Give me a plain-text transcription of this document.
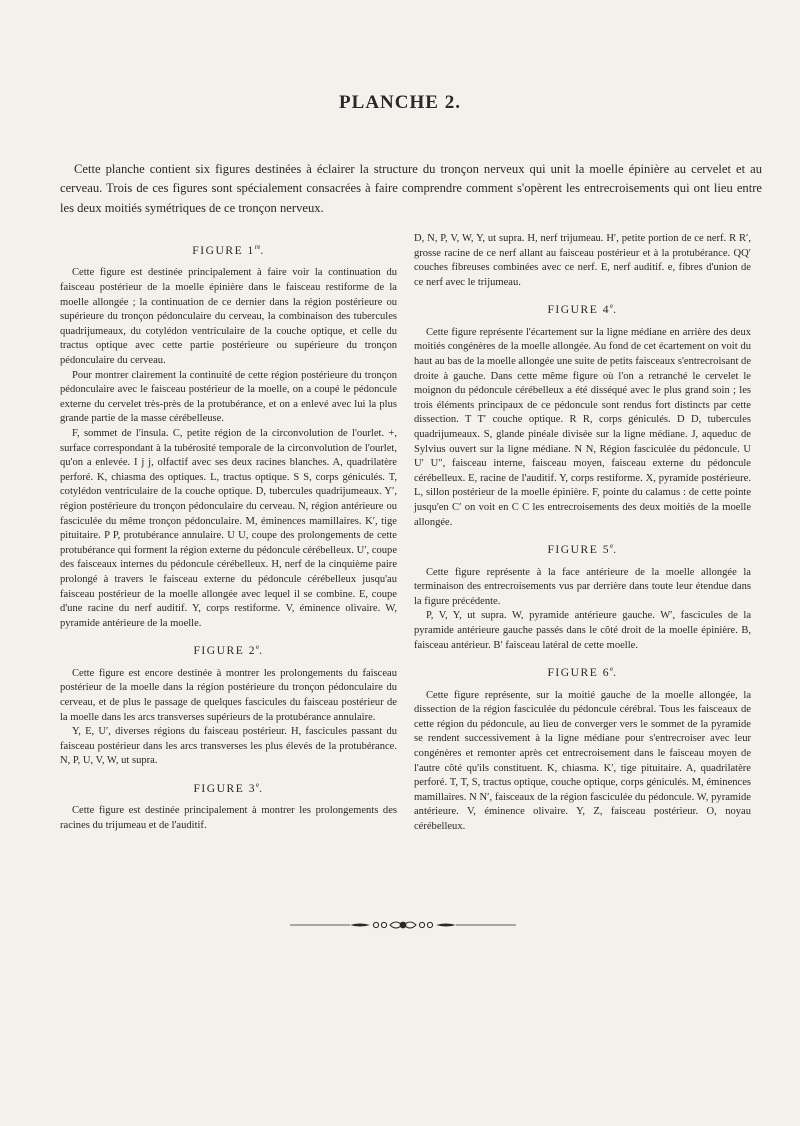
PLANCHE 2.

Cette planche contient six figures destinées à éclairer la structure du tronçon nerveux qui unit la moelle épinière au cervelet et au cerveau. Trois de ces figures sont spécialement consacrées à faire comprendre comment s'opèrent les entrecroisements qui ont lieu entre les deux moitiés symétriques de ce tronçon nerveux.

FIGURE 1re.

Cette figure est destinée principalement à faire voir la continuation du faisceau postérieur de la moelle épinière dans le faisceau restiforme de la moelle allongée ; la continuation de ce dernier dans la région postérieure ou supérieure du tronçon pédonculaire du cerveau, la combinaison des tubercules quadrijumeaux, du cotylédon ventriculaire de la couche optique, et celle du tractus optique avec cette partie postérieure ou supérieure du tronçon pédonculaire du cerveau.

Pour montrer clairement la continuité de cette région postérieure du tronçon pédonculaire avec le faisceau postérieur de la moelle, on a coupé le pédoncule externe du cervelet très-près de la protubérance, et on a enlevé avec lui la plus grande partie de la masse cérébelleuse.

F, sommet de l'insula. C, petite région de la circonvolution de l'ourlet. +, surface correspondant à la tubérosité temporale de la circonvolution de l'ourlet, qu'on a enlevée. I j j, olfactif avec ses deux racines blanches. A, quadrilatère perforé. K, chiasma des optiques. L, tractus optique. S S, corps géniculés. T, cotylédon ventriculaire de la couche optique. D, tubercules quadrijumeaux. Y′, région postérieure du tronçon pédonculaire du cerveau. N, région antérieure ou fasciculée du même tronçon pédonculaire. M, éminences mamillaires. K′, tige pituitaire. P P, protubérance annulaire. U U, coupe des prolongements de cette protubérance qui forment la région externe du pédoncule cérébelleux. U′, coupe des faisceaux internes du pédoncule cérébelleux. H, nerf de la cinquième paire prolongé à travers le faisceau externe du pédoncule cérébelleux jusqu'au faisceau postérieur de la moelle allongée avec lequel il se combine. E, coupe d'une racine du nerf auditif. Y, corps restiforme. V, éminence olivaire. W, pyramide antérieure de la moelle.

FIGURE 2e.

Cette figure est encore destinée à montrer les prolongements du faisceau postérieur de la moelle dans la région postérieure du tronçon pédonculaire du cerveau, et de plus le passage de quelques fascicules du faisceau postérieur de la moelle dans les arcs transverses supérieurs de la protubérance annulaire.

Y, E, U′, diverses régions du faisceau postérieur. H, fascicules passant du faisceau postérieur dans les arcs transverses les plus élevés de la protubérance. N, P, U, V, W, ut supra.

FIGURE 3e.

Cette figure est destinée principalement à montrer les prolongements des racines du trijumeau et de l'auditif.

D, N, P, V, W, Y, ut supra. H, nerf trijumeau. H′, petite portion de ce nerf. R R′, grosse racine de ce nerf allant au faisceau postérieur et à la protubérance. QQ′ couches fibreuses combinées avec ce nerf. E, nerf auditif. e, fibres d'union de ce nerf avec le trijumeau.

FIGURE 4e.

Cette figure représente l'écartement sur la ligne médiane en arrière des deux moitiés congénères de la moelle allongée. Au fond de cet écartement on voit du haut au bas de la moelle allongée une suite de petits faisceaux s'entrecroisant de droite à gauche. Dans cette même figure où l'on a retranché le cervelet le moignon du pédoncule cérébelleux a été disséqué avec le plus grand soin ; les trois éléments principaux de ce pédoncule sont rendus fort distincts par cette dissection. T T′ couche optique. R R, corps géniculés. D D, tubercules quadrijumeaux. S, glande pinéale divisée sur la ligne médiane. J, aqueduc de Sylvius ouvert sur la ligne médiane. N N, Région fasciculée du pédoncule. U U′ U″, faisceau interne, faisceau moyen, faisceau externe du pédoncule cérébelleux. E, racine de l'auditif. Y, corps restiforme. X, pyramide postérieure. L, sillon postérieur de la moelle épinière. F, pointe du calamus : de cette pointe jusqu'en C′ on voit en C C les entrecroisements des deux moitiés de la moelle allongée.

FIGURE 5e.

Cette figure représente à la face antérieure de la moelle allongée la terminaison des entrecroisements vus par derrière dans toute leur étendue dans la figure précédente.

P, V, Y, ut supra. W, pyramide antérieure gauche. W′, fascicules de la pyramide antérieure gauche passés dans le côté droit de la moelle épinière. B, faisceau antérieur. B′ faisceau latéral de cette moelle.

FIGURE 6e.

Cette figure représente, sur la moitié gauche de la moelle allongée, la dissection de la région fasciculée du pédoncule cérébral. Tous les faisceaux de cette région du pédoncule, au lieu de converger vers le sommet de la pyramide se rendent successivement à la ligne médiane pour s'entrecroiser avec leur congénères et remonter après cet entrecroisement dans le faisceau moyen de l'autre côté qu'ils constituent. K, chiasma. K′, tige pituitaire. A, quadrilatère perforé. T, T, S, tractus optique, couche optique, corps géniculés. M, éminences mamillaires. N N′, faisceaux de la région fasciculée du pédoncule. W, pyramide antérieure. V, éminence olivaire. Y, Z, faisceau postérieur. O, noyau cérébelleux.
